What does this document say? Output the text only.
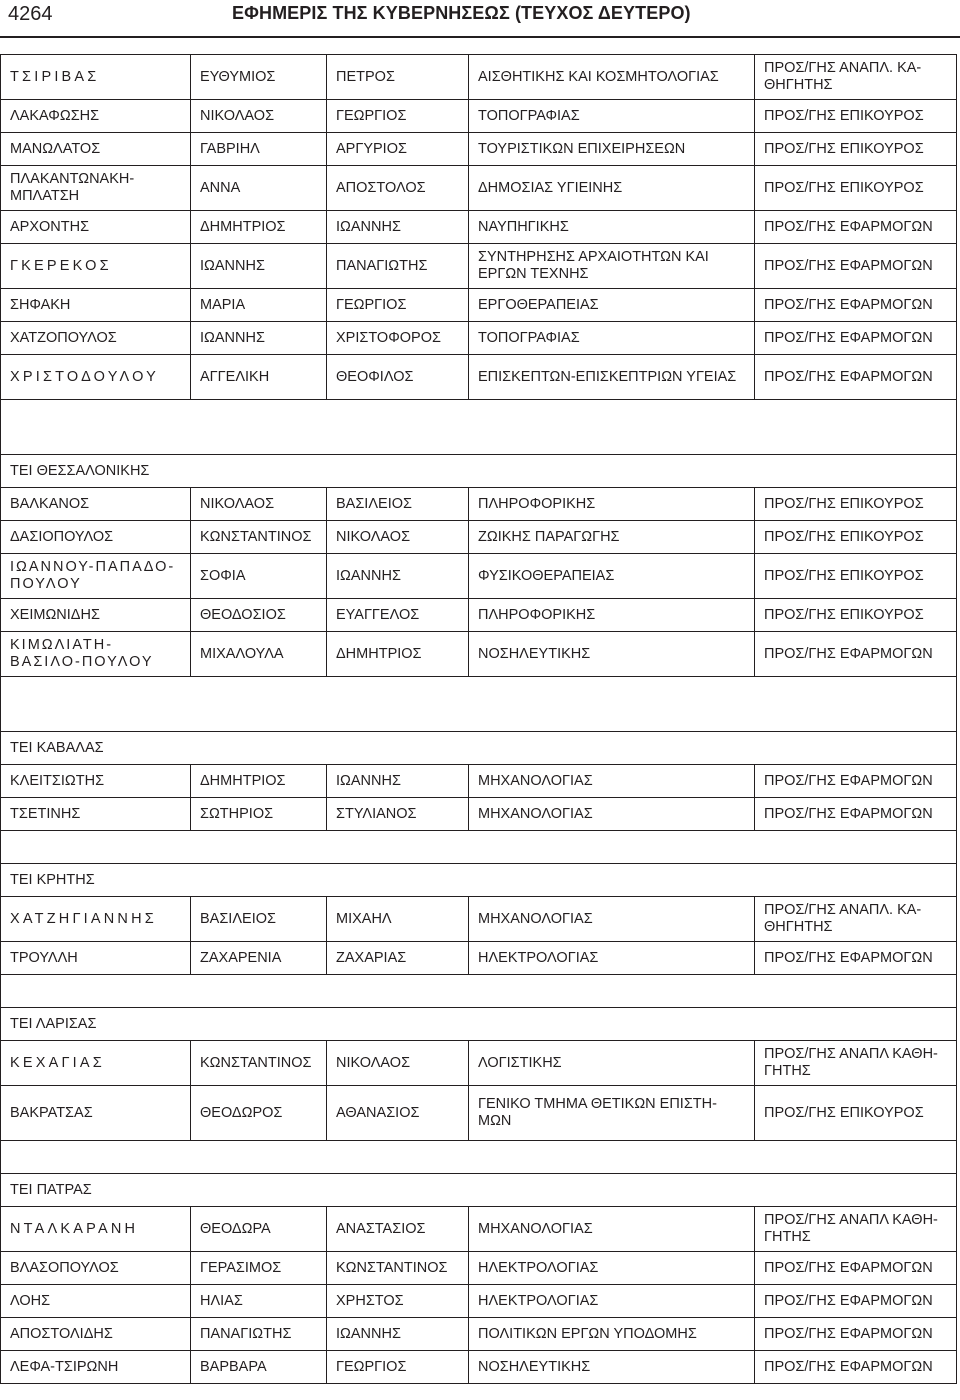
4264	ΕΦΗΜΕΡΙΣ ΤΗΣ ΚΥΒΕΡΝΗΣΕΩΣ (ΤΕΥΧΟΣ ΔΕΥΤΕΡΟ)
ΤΣΙΡΙΒΑΣ	ΕΥΘΥΜΙΟΣ	ΠΕΤΡΟΣ	ΑΙΣΘΗΤΙΚΗΣ ΚΑΙ ΚΟΣΜΗΤΟΛΟΓΙΑΣ	ΠΡΟΣ/ΓΗΣ ΑΝΑΠΛ. ΚΑ-ΘΗΓΗΤΗΣ
ΛΑΚΑΦΩΣΗΣ	ΝΙΚΟΛΑΟΣ	ΓΕΩΡΓΙΟΣ	ΤΟΠΟΓΡΑΦΙΑΣ	ΠΡΟΣ/ΓΗΣ ΕΠΙΚΟΥΡΟΣ
ΜΑΝΩΛΑΤΟΣ	ΓΑΒΡΙΗΛ	ΑΡΓΥΡΙΟΣ	ΤΟΥΡΙΣΤΙΚΩΝ ΕΠΙΧΕΙΡΗΣΕΩΝ	ΠΡΟΣ/ΓΗΣ ΕΠΙΚΟΥΡΟΣ
ΠΛΑΚΑΝΤΩΝΑΚΗ-ΜΠΛΑΤΣΗ	ΑΝΝΑ	ΑΠΟΣΤΟΛΟΣ	ΔΗΜΟΣΙΑΣ ΥΓΙΕΙΝΗΣ	ΠΡΟΣ/ΓΗΣ ΕΠΙΚΟΥΡΟΣ
ΑΡΧΟΝΤΗΣ	ΔΗΜΗΤΡΙΟΣ	ΙΩΑΝΝΗΣ	ΝΑΥΠΗΓΙΚΗΣ	ΠΡΟΣ/ΓΗΣ ΕΦΑΡΜΟΓΩΝ
ΓΚΕΡΕΚΟΣ	ΙΩΑΝΝΗΣ	ΠΑΝΑΓΙΩΤΗΣ	ΣΥΝΤΗΡΗΣΗΣ ΑΡΧΑΙΟΤΗΤΩΝ ΚΑΙ ΕΡΓΩΝ ΤΕΧΝΗΣ	ΠΡΟΣ/ΓΗΣ ΕΦΑΡΜΟΓΩΝ
ΣΗΦΑΚΗ	ΜΑΡΙΑ	ΓΕΩΡΓΙΟΣ	ΕΡΓΟΘΕΡΑΠΕΙΑΣ	ΠΡΟΣ/ΓΗΣ ΕΦΑΡΜΟΓΩΝ
ΧΑΤΖΟΠΟΥΛΟΣ	ΙΩΑΝΝΗΣ	ΧΡΙΣΤΟΦΟΡΟΣ	ΤΟΠΟΓΡΑΦΙΑΣ	ΠΡΟΣ/ΓΗΣ ΕΦΑΡΜΟΓΩΝ
ΧΡΙΣΤΟΔΟΥΛΟΥ	ΑΓΓΕΛΙΚΗ	ΘΕΟΦΙΛΟΣ	ΕΠΙΣΚΕΠΤΩΝ-ΕΠΙΣΚΕΠΤΡΙΩΝ ΥΓΕΙΑΣ	ΠΡΟΣ/ΓΗΣ ΕΦΑΡΜΟΓΩΝ

ΤΕΙ ΘΕΣΣΑΛΟΝΙΚΗΣ				
ΒΑΛΚΑΝΟΣ	ΝΙΚΟΛΑΟΣ	ΒΑΣΙΛΕΙΟΣ	ΠΛΗΡΟΦΟΡΙΚΗΣ	ΠΡΟΣ/ΓΗΣ ΕΠΙΚΟΥΡΟΣ
ΔΑΣΙΟΠΟΥΛΟΣ	ΚΩΝΣΤΑΝΤΙΝΟΣ	ΝΙΚΟΛΑΟΣ	ΖΩΙΚΗΣ ΠΑΡΑΓΩΓΗΣ	ΠΡΟΣ/ΓΗΣ ΕΠΙΚΟΥΡΟΣ
ΙΩΑΝΝΟΥ-ΠΑΠΑΔΟ-ΠΟΥΛΟΥ	ΣΟΦΙΑ	ΙΩΑΝΝΗΣ	ΦΥΣΙΚΟΘΕΡΑΠΕΙΑΣ	ΠΡΟΣ/ΓΗΣ ΕΠΙΚΟΥΡΟΣ
ΧΕΙΜΩΝΙΔΗΣ	ΘΕΟΔΟΣΙΟΣ	ΕΥΑΓΓΕΛΟΣ	ΠΛΗΡΟΦΟΡΙΚΗΣ	ΠΡΟΣ/ΓΗΣ ΕΠΙΚΟΥΡΟΣ
ΚΙΜΩΛΙΑΤΗ-ΒΑΣΙΛΟ-ΠΟΥΛΟΥ	ΜΙΧΑΛΟΥΛΑ	ΔΗΜΗΤΡΙΟΣ	ΝΟΣΗΛΕΥΤΙΚΗΣ	ΠΡΟΣ/ΓΗΣ ΕΦΑΡΜΟΓΩΝ

ΤΕΙ ΚΑΒΑΛΑΣ				
ΚΛΕΙΤΣΙΩΤΗΣ	ΔΗΜΗΤΡΙΟΣ	ΙΩΑΝΝΗΣ	ΜΗΧΑΝΟΛΟΓΙΑΣ	ΠΡΟΣ/ΓΗΣ ΕΦΑΡΜΟΓΩΝ
ΤΣΕΤΙΝΗΣ	ΣΩΤΗΡΙΟΣ	ΣΤΥΛΙΑΝΟΣ	ΜΗΧΑΝΟΛΟΓΙΑΣ	ΠΡΟΣ/ΓΗΣ ΕΦΑΡΜΟΓΩΝ

ΤΕΙ ΚΡΗΤΗΣ				
ΧΑΤΖΗΓΙΑΝΝΗΣ	ΒΑΣΙΛΕΙΟΣ	ΜΙΧΑΗΛ	ΜΗΧΑΝΟΛΟΓΙΑΣ	ΠΡΟΣ/ΓΗΣ ΑΝΑΠΛ. ΚΑ-ΘΗΓΗΤΗΣ
ΤΡΟΥΛΛΗ	ΖΑΧΑΡΕΝΙΑ	ΖΑΧΑΡΙΑΣ	ΗΛΕΚΤΡΟΛΟΓΙΑΣ	ΠΡΟΣ/ΓΗΣ ΕΦΑΡΜΟΓΩΝ

ΤΕΙ ΛΑΡΙΣΑΣ				
ΚΕΧΑΓΙΑΣ	ΚΩΝΣΤΑΝΤΙΝΟΣ	ΝΙΚΟΛΑΟΣ	ΛΟΓΙΣΤΙΚΗΣ	ΠΡΟΣ/ΓΗΣ ΑΝΑΠΛ ΚΑΘΗ-ΓΗΤΗΣ
ΒΑΚΡΑΤΣΑΣ	ΘΕΟΔΩΡΟΣ	ΑΘΑΝΑΣΙΟΣ	ΓΕΝΙΚΟ ΤΜΗΜΑ ΘΕΤΙΚΩΝ ΕΠΙΣΤΗ-ΜΩΝ	ΠΡΟΣ/ΓΗΣ ΕΠΙΚΟΥΡΟΣ

ΤΕΙ ΠΑΤΡΑΣ				
ΝΤΑΛΚΑΡΑΝΗ	ΘΕΟΔΩΡΑ	ΑΝΑΣΤΑΣΙΟΣ	ΜΗΧΑΝΟΛΟΓΙΑΣ	ΠΡΟΣ/ΓΗΣ ΑΝΑΠΛ ΚΑΘΗ-ΓΗΤΗΣ
ΒΛΑΣΟΠΟΥΛΟΣ	ΓΕΡΑΣΙΜΟΣ	ΚΩΝΣΤΑΝΤΙΝΟΣ	ΗΛΕΚΤΡΟΛΟΓΙΑΣ	ΠΡΟΣ/ΓΗΣ ΕΦΑΡΜΟΓΩΝ
ΛΟΗΣ	ΗΛΙΑΣ	ΧΡΗΣΤΟΣ	ΗΛΕΚΤΡΟΛΟΓΙΑΣ	ΠΡΟΣ/ΓΗΣ ΕΦΑΡΜΟΓΩΝ
ΑΠΟΣΤΟΛΙΔΗΣ	ΠΑΝΑΓΙΩΤΗΣ	ΙΩΑΝΝΗΣ	ΠΟΛΙΤΙΚΩΝ ΕΡΓΩΝ ΥΠΟΔΟΜΗΣ	ΠΡΟΣ/ΓΗΣ ΕΦΑΡΜΟΓΩΝ
ΛΕΦΑ-ΤΣΙΡΩΝΗ	ΒΑΡΒΑΡΑ	ΓΕΩΡΓΙΟΣ	ΝΟΣΗΛΕΥΤΙΚΗΣ	ΠΡΟΣ/ΓΗΣ ΕΦΑΡΜΟΓΩΝ
